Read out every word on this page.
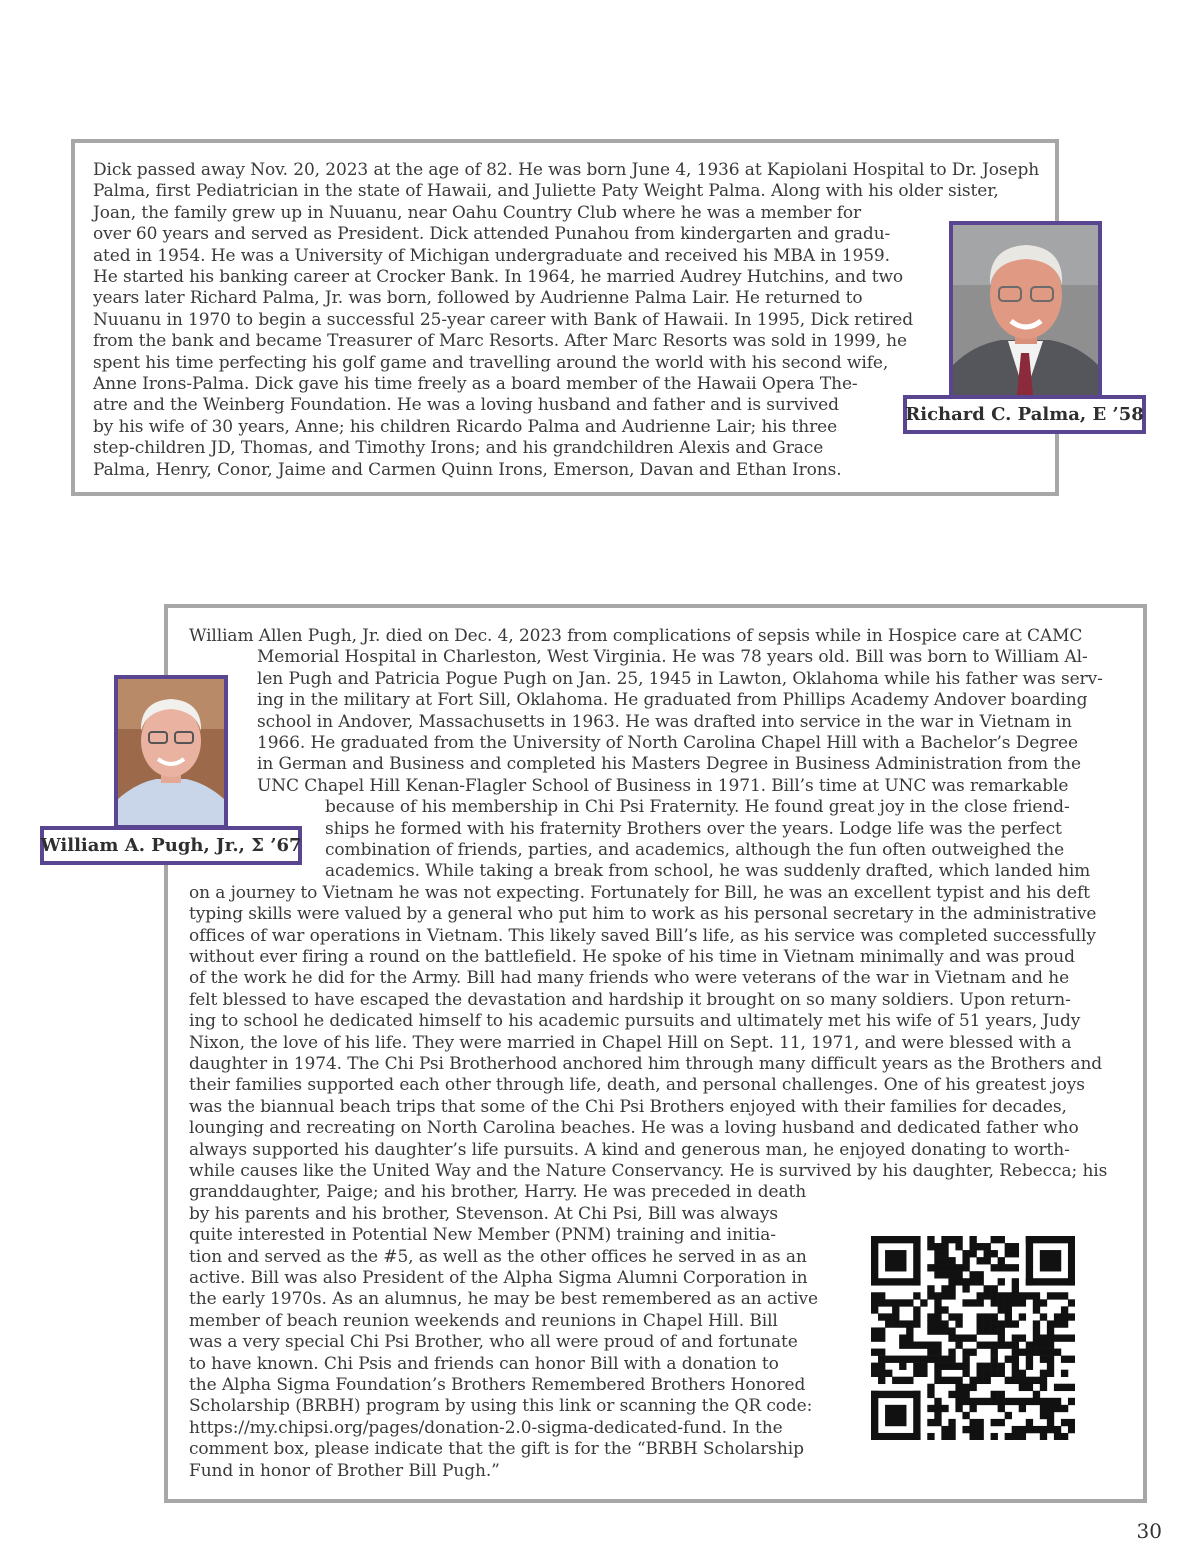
Dick passed away Nov. 20, 2023 at the age of 82. He was born June 4, 1936 at Kapiolani Hospital to Dr. Joseph
Palma, first Pediatrician in the state of Hawaii, and Juliette Paty Weight Palma. Along with his older sister,
Joan, the family grew up in Nuuanu, near Oahu Country Club where he was a member for
over 60 years and served as President. Dick attended Punahou from kindergarten and gradu-
ated in 1954. He was a University of Michigan undergraduate and received his MBA in 1959.
He started his banking career at Crocker Bank. In 1964, he married Audrey Hutchins, and two
years later Richard Palma, Jr. was born, followed by Audrienne Palma Lair. He returned to
Nuuanu in 1970 to begin a successful 25-year career with Bank of Hawaii. In 1995, Dick retired
from the bank and became Treasurer of Marc Resorts. After Marc Resorts was sold in 1999, he
spent his time perfecting his golf game and travelling around the world with his second wife,
Anne Irons-Palma. Dick gave his time freely as a board member of the Hawaii Opera The-
atre and the Weinberg Foundation. He was a loving husband and father and is survived
by his wife of 30 years, Anne; his children Ricardo Palma and Audrienne Lair; his three
step-children JD, Thomas, and Timothy Irons; and his grandchildren Alexis and Grace
Palma, Henry, Conor, Jaime and Carmen Quinn Irons, Emerson, Davan and Ethan Irons.
Richard C. Palma, E ’58
William Allen Pugh, Jr. died on Dec. 4, 2023 from complications of sepsis while in Hospice care at CAMC
Memorial Hospital in Charleston, West Virginia. He was 78 years old. Bill was born to William Al-
len Pugh and Patricia Pogue Pugh on Jan. 25, 1945 in Lawton, Oklahoma while his father was serv-
ing in the military at Fort Sill, Oklahoma. He graduated from Phillips Academy Andover boarding
school in Andover, Massachusetts in 1963. He was drafted into service in the war in Vietnam in
1966. He graduated from the University of North Carolina Chapel Hill with a Bachelor’s Degree
in German and Business and completed his Masters Degree in Business Administration from the
UNC Chapel Hill Kenan-Flagler School of Business in 1971. Bill’s time at UNC was remarkable
because of his membership in Chi Psi Fraternity. He found great joy in the close friend-
ships he formed with his fraternity Brothers over the years. Lodge life was the perfect
combination of friends, parties, and academics, although the fun often outweighed the
academics. While taking a break from school, he was suddenly drafted, which landed him
on a journey to Vietnam he was not expecting. Fortunately for Bill, he was an excellent typist and his deft
typing skills were valued by a general who put him to work as his personal secretary in the administrative
offices of war operations in Vietnam. This likely saved Bill’s life, as his service was completed successfully
without ever firing a round on the battlefield. He spoke of his time in Vietnam minimally and was proud
of the work he did for the Army. Bill had many friends who were veterans of the war in Vietnam and he
felt blessed to have escaped the devastation and hardship it brought on so many soldiers. Upon return-
ing to school he dedicated himself to his academic pursuits and ultimately met his wife of 51 years, Judy
Nixon, the love of his life. They were married in Chapel Hill on Sept. 11, 1971, and were blessed with a
daughter in 1974. The Chi Psi Brotherhood anchored him through many difficult years as the Brothers and
their families supported each other through life, death, and personal challenges. One of his greatest joys
was the biannual beach trips that some of the Chi Psi Brothers enjoyed with their families for decades,
lounging and recreating on North Carolina beaches. He was a loving husband and dedicated father who
always supported his daughter’s life pursuits. A kind and generous man, he enjoyed donating to worth-
while causes like the United Way and the Nature Conservancy. He is survived by his daughter, Rebecca; his
granddaughter, Paige; and his brother, Harry. He was preceded in death
by his parents and his brother, Stevenson. At Chi Psi, Bill was always
quite interested in Potential New Member (PNM) training and initia-
tion and served as the #5, as well as the other offices he served in as an
active. Bill was also President of the Alpha Sigma Alumni Corporation in
the early 1970s. As an alumnus, he may be best remembered as an active
member of beach reunion weekends and reunions in Chapel Hill. Bill
was a very special Chi Psi Brother, who all were proud of and fortunate
to have known. Chi Psis and friends can honor Bill with a donation to
the Alpha Sigma Foundation’s Brothers Remembered Brothers Honored
Scholarship (BRBH) program by using this link or scanning the QR code:
https://my.chipsi.org/pages/donation-2.0-sigma-dedicated-fund. In the
comment box, please indicate that the gift is for the “BRBH Scholarship
Fund in honor of Brother Bill Pugh.”
William A. Pugh, Jr., Σ ’67
30
